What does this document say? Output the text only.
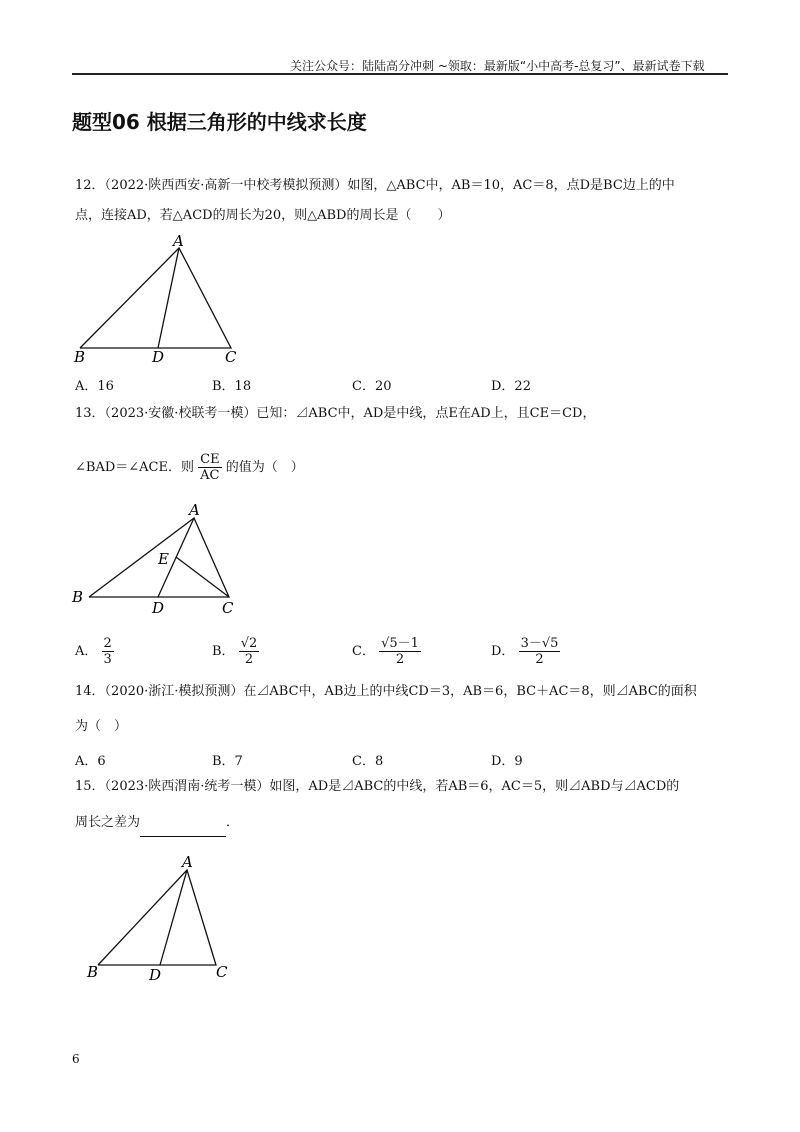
关注公众号：陆陆高分冲刺 ~领取：最新版“小中高考-总复习”、最新试卷下载
题型06 根据三角形的中线求长度
12．（2022·陕西西安·高新一中校考模拟预测）如图，△ABC中，AB＝10，AC＝8，点D是BC边上的中
点，连接AD，若△ACD的周长为20，则△ABD的周长是（　　）
A
B	D	C
A．16	B．18	C．20	D．22
13．（2023·安徽·校联考一模）已知：⊿ABC中，AD是中线，点E在AD上，且CE＝CD，
∠BAD＝∠ACE．则 $\frac{CE}{AC}$ 的值为（　）
A
B
D	C
E
A． $\frac{2}{3}$	B． $\frac{√2}{2}$	C． $\frac{√5-1}{2}$	D． $\frac{3-√5}{2}$
14．（2020·浙江·模拟预测）在⊿ABC中，AB边上的中线CD＝3，AB＝6，BC＋AC＝8，则⊿ABC的面积
为（　）
A．6	B．7	C．8	D．9
15．（2023·陕西渭南·统考一模）如图，AD是⊿ABC的中线，若AB＝6，AC＝5，则⊿ABD与⊿ACD的
周长之差为	．
A
B	D	C
6
